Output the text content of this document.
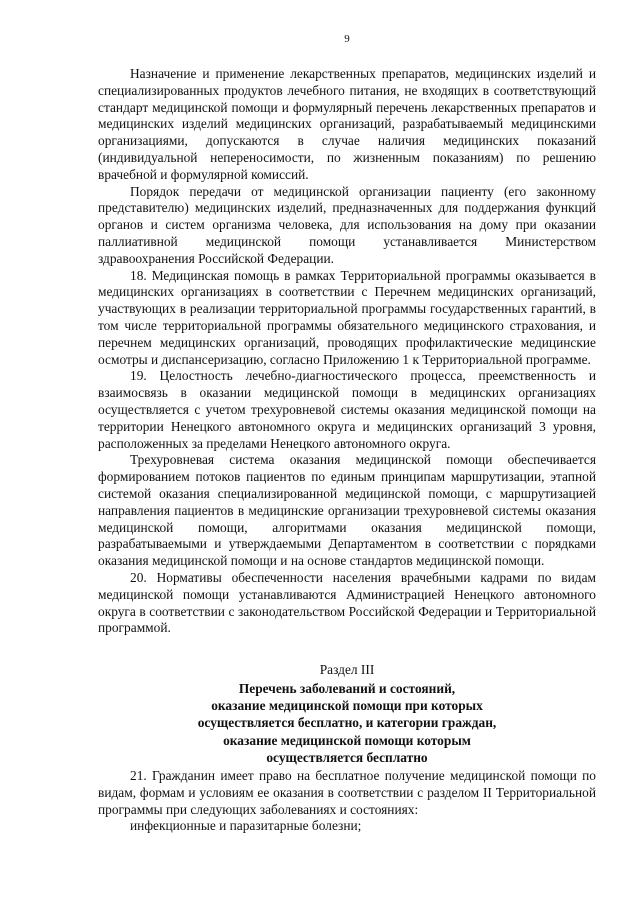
9

Назначение и применение лекарственных препаратов, медицинских изделий и специализированных продуктов лечебного питания, не входящих в соответствующий стандарт медицинской помощи и формулярный перечень лекарственных препаратов и медицинских изделий медицинских организаций, разрабатываемый медицинскими организациями, допускаются в случае наличия медицинских показаний (индивидуальной непереносимости, по жизненным показаниям) по решению врачебной и формулярной комиссий.

Порядок передачи от медицинской организации пациенту (его законному представителю) медицинских изделий, предназначенных для поддержания функций органов и систем организма человека, для использования на дому при оказании паллиативной медицинской помощи устанавливается Министерством здравоохранения Российской Федерации.

18. Медицинская помощь в рамках Территориальной программы оказывается в медицинских организациях в соответствии с Перечнем медицинских организаций, участвующих в реализации территориальной программы государственных гарантий, в том числе территориальной программы обязательного медицинского страхования, и перечнем медицинских организаций, проводящих профилактические медицинские осмотры и диспансеризацию, согласно Приложению 1 к Территориальной программе.

19. Целостность лечебно-диагностического процесса, преемственность и взаимосвязь в оказании медицинской помощи в медицинских организациях осуществляется с учетом трехуровневой системы оказания медицинской помощи на территории Ненецкого автономного округа и медицинских организаций 3 уровня, расположенных за пределами Ненецкого автономного округа.

Трехуровневая система оказания медицинской помощи обеспечивается формированием потоков пациентов по единым принципам маршрутизации, этапной системой оказания специализированной медицинской помощи, с маршрутизацией направления пациентов в медицинские организации трехуровневой системы оказания медицинской помощи, алгоритмами оказания медицинской помощи, разрабатываемыми и утверждаемыми Департаментом в соответствии с порядками оказания медицинской помощи и на основе стандартов медицинской помощи.

20. Нормативы обеспеченности населения врачебными кадрами по видам медицинской помощи устанавливаются Администрацией Ненецкого автономного округа в соответствии с законодательством Российской Федерации и Территориальной программой.

Раздел III

Перечень заболеваний и состояний,

оказание медицинской помощи при которых

осуществляется бесплатно, и категории граждан,

оказание медицинской помощи которым

осуществляется бесплатно

21. Гражданин имеет право на бесплатное получение медицинской помощи по видам, формам и условиям ее оказания в соответствии с разделом II Территориальной программы при следующих заболеваниях и состояниях:

инфекционные и паразитарные болезни;
